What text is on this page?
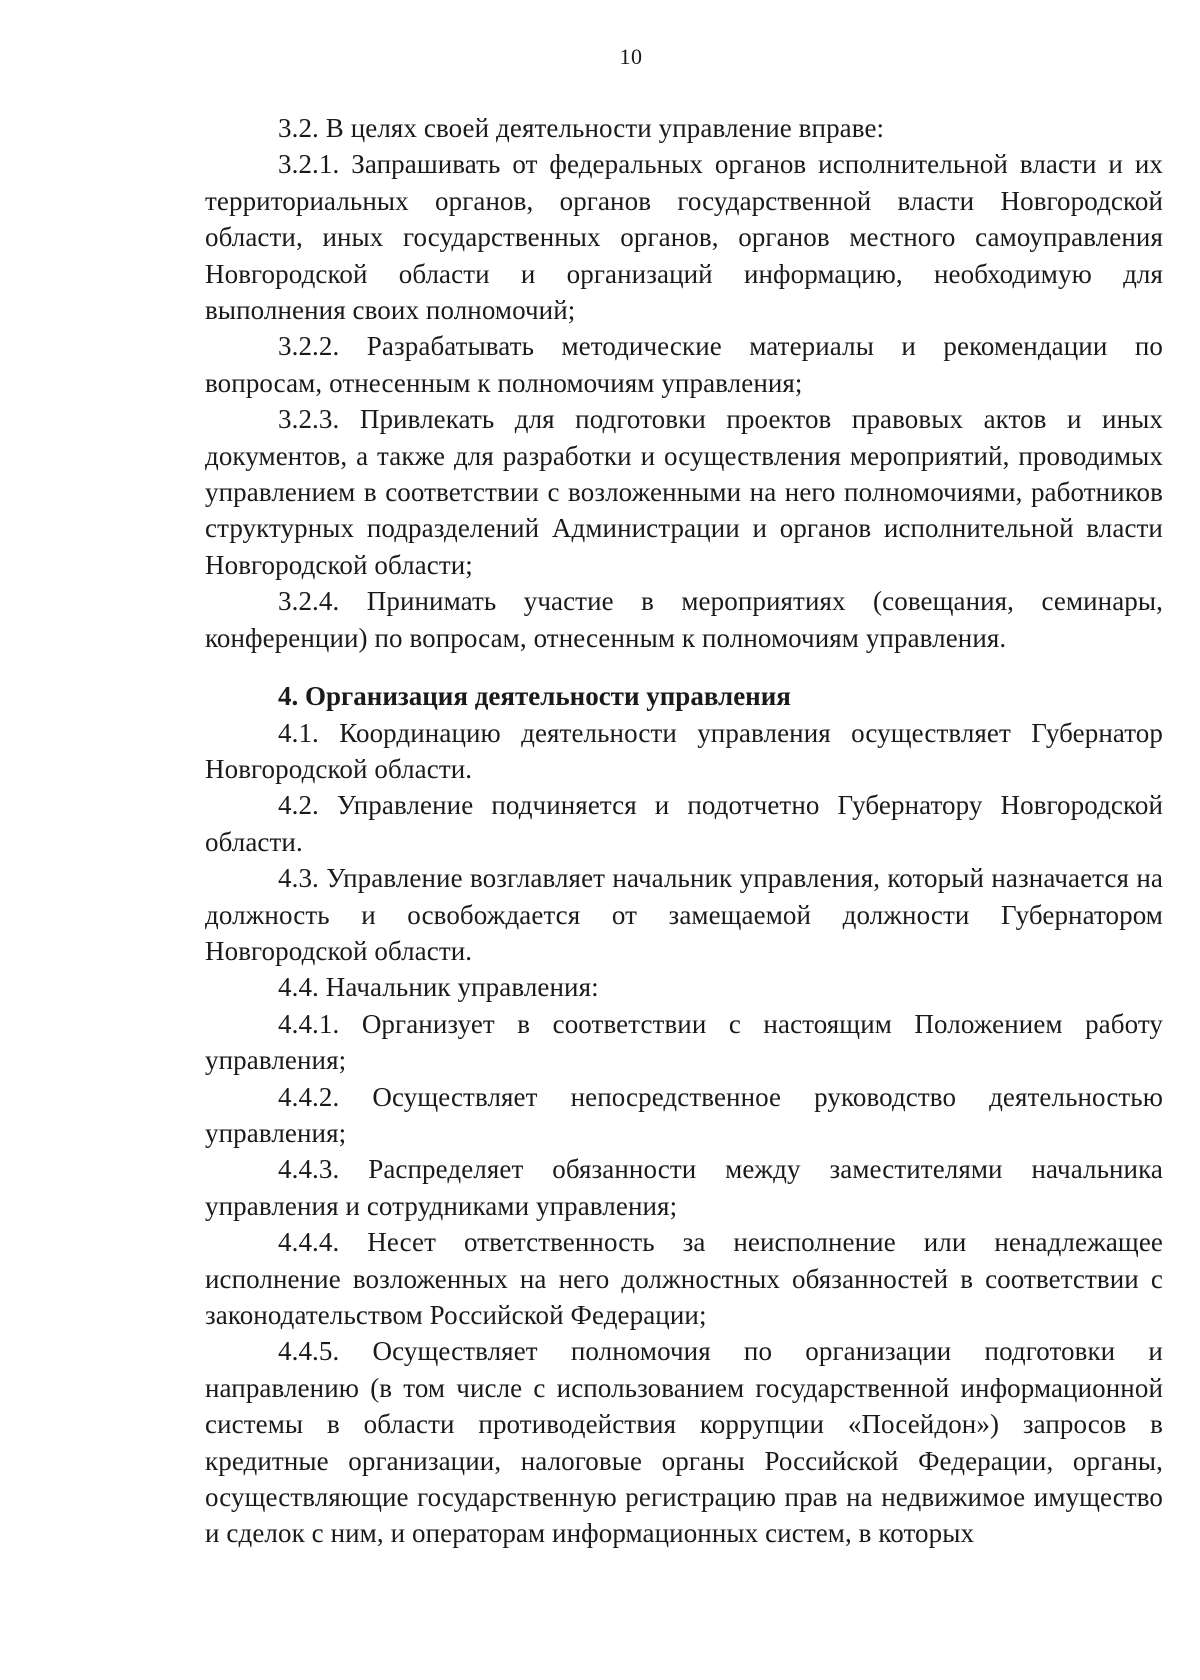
10

3.2. В целях своей деятельности управление вправе:

3.2.1. Запрашивать от федеральных органов исполнительной власти и их территориальных органов, органов государственной власти Новгородской области, иных государственных органов, органов местного самоуправления Новгородской области и организаций информацию, необходимую для выполнения своих полномочий;

3.2.2. Разрабатывать методические материалы и рекомендации по вопросам, отнесенным к полномочиям управления;

3.2.3. Привлекать для подготовки проектов правовых актов и иных документов, а также для разработки и осуществления мероприятий, проводимых управлением в соответствии с возложенными на него полномочиями, работников структурных подразделений Администрации и органов исполнительной власти Новгородской области;

3.2.4. Принимать участие в мероприятиях (совещания, семинары, конференции) по вопросам, отнесенным к полномочиям управления.

4. Организация деятельности управления

4.1. Координацию деятельности управления осуществляет Губернатор Новгородской области.

4.2. Управление подчиняется и подотчетно Губернатору Новгородской области.

4.3. Управление возглавляет начальник управления, который назначается на должность и освобождается от замещаемой должности Губернатором Новгородской области.

4.4. Начальник управления:

4.4.1. Организует в соответствии с настоящим Положением работу управления;

4.4.2. Осуществляет непосредственное руководство деятельностью управления;

4.4.3. Распределяет обязанности между заместителями начальника управления и сотрудниками управления;

4.4.4. Несет ответственность за неисполнение или ненадлежащее исполнение возложенных на него должностных обязанностей в соответствии с законодательством Российской Федерации;

4.4.5. Осуществляет полномочия по организации подготовки и направлению (в том числе с использованием государственной информационной системы в области противодействия коррупции «Посейдон») запросов в кредитные организации, налоговые органы Российской Федерации, органы, осуществляющие государственную регистрацию прав на недвижимое имущество и сделок с ним, и операторам информационных систем, в которых
